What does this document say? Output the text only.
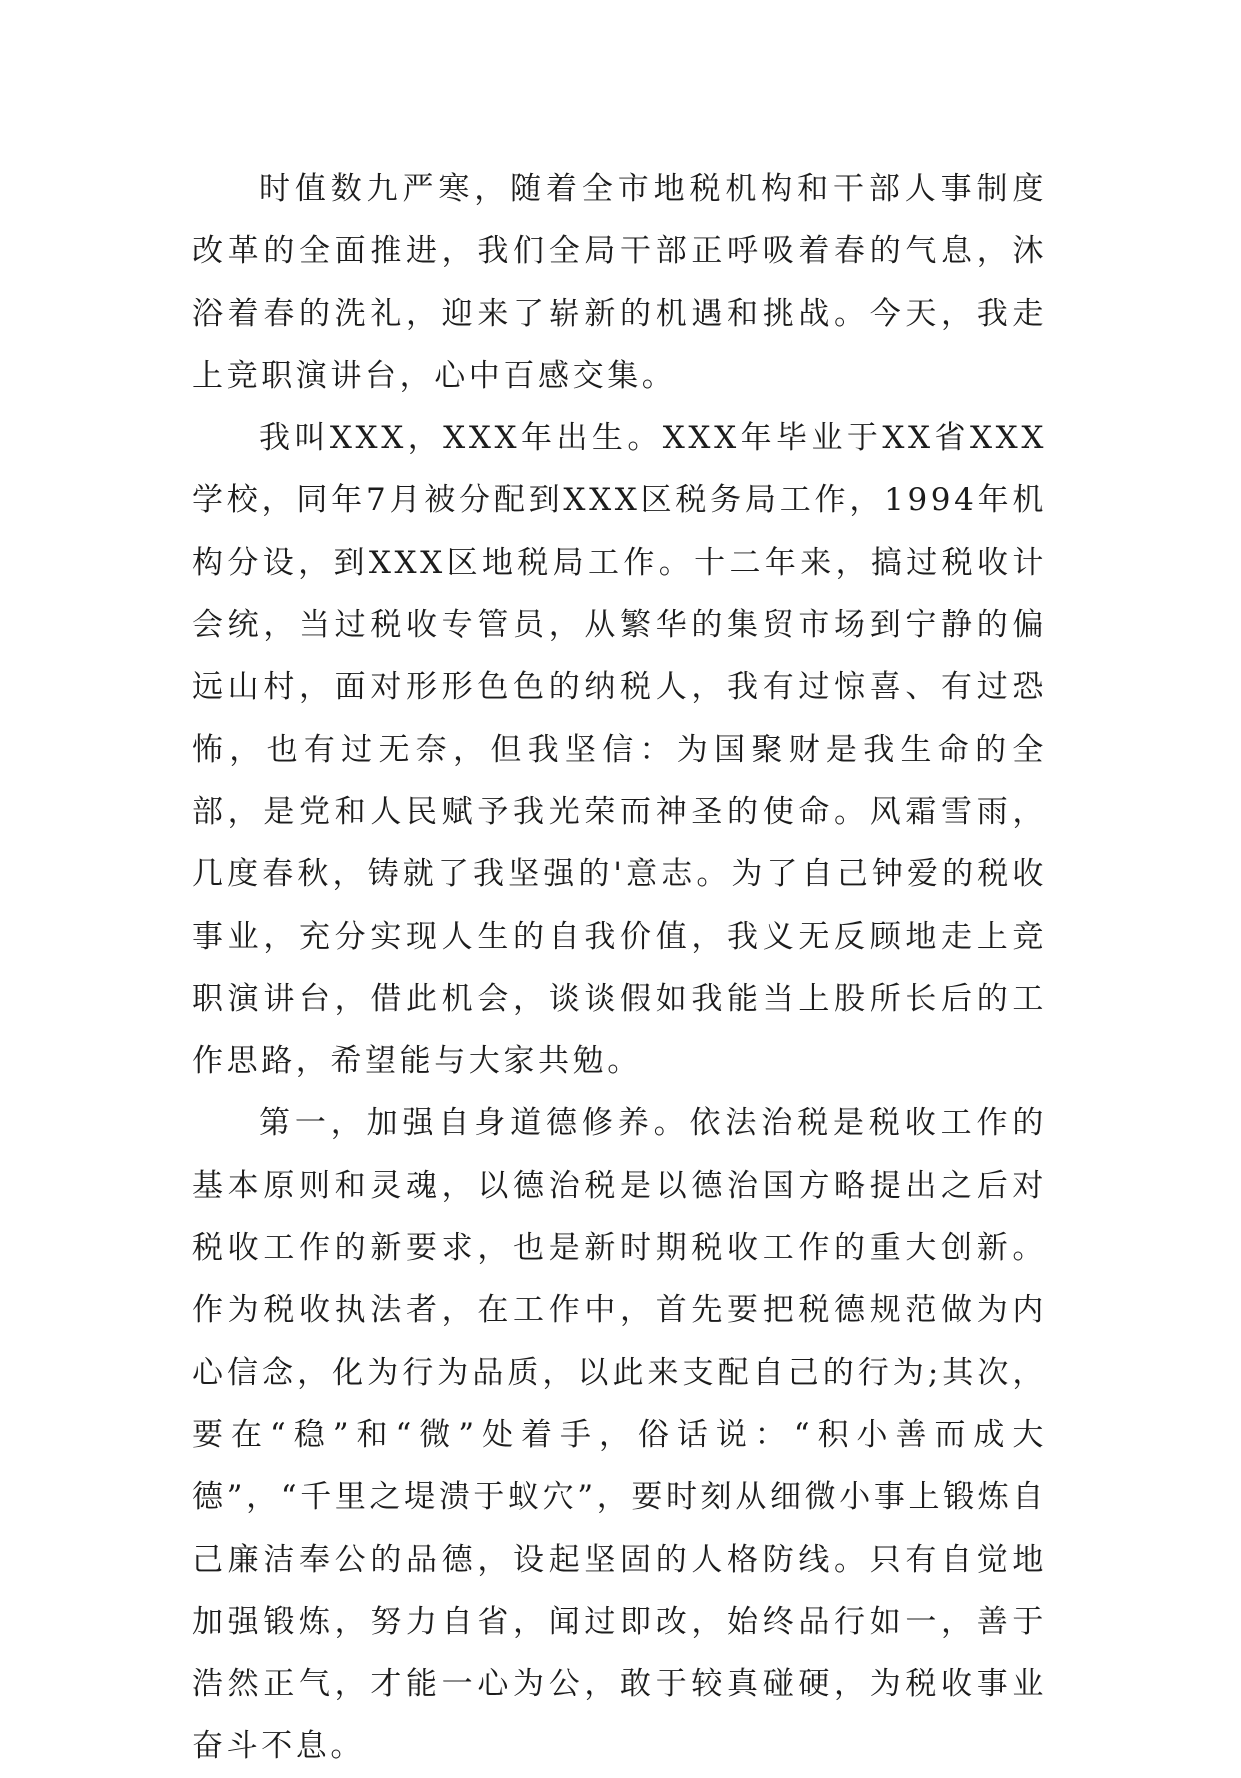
时值数九严寒，随着全市地税机构和干部人事制度改革的全面推进，我们全局干部正呼吸着春的气息，沐浴着春的洗礼，迎来了崭新的机遇和挑战。今天，我走上竞职演讲台，心中百感交集。

我叫XXX，XXX年出生。XXX年毕业于XX省XXX学校，同年7月被分配到XXX区税务局工作，1994年机构分设，到XXX区地税局工作。十二年来，搞过税收计会统，当过税收专管员，从繁华的集贸市场到宁静的偏远山村，面对形形色色的纳税人，我有过惊喜、有过恐怖，也有过无奈，但我坚信：为国聚财是我生命的全部，是党和人民赋予我光荣而神圣的使命。风霜雪雨，几度春秋，铸就了我坚强的'意志。为了自己钟爱的税收事业，充分实现人生的自我价值，我义无反顾地走上竞职演讲台，借此机会，谈谈假如我能当上股所长后的工作思路，希望能与大家共勉。

第一，加强自身道德修养。依法治税是税收工作的基本原则和灵魂，以德治税是以德治国方略提出之后对税收工作的新要求，也是新时期税收工作的重大创新。作为税收执法者，在工作中，首先要把税德规范做为内心信念，化为行为品质，以此来支配自己的行为;其次，要在“稳”和“微”处着手，俗话说：“积小善而成大德”，“千里之堤溃于蚁穴”，要时刻从细微小事上锻炼自己廉洁奉公的品德，设起坚固的人格防线。只有自觉地加强锻炼，努力自省，闻过即改，始终品行如一，善于浩然正气，才能一心为公，敢于较真碰硬，为税收事业奋斗不息。
